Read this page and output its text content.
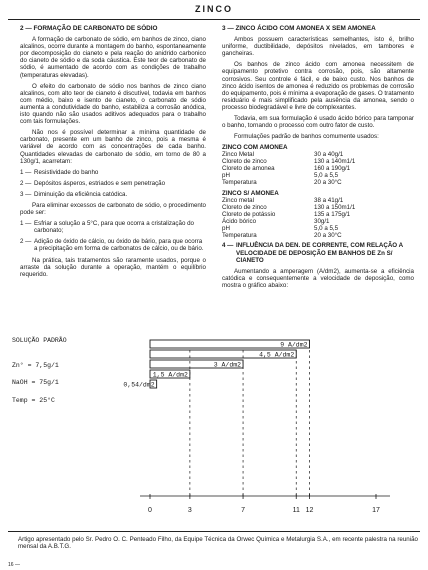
ZINCO
2 — FORMAÇÃO DE CARBONATO DE SÓDIO

A formação de carbonato de sódio, em banhos de zinco, ciano alcalinos, ocorre durante a montagem do banho, espontaneamente por decomposição do cianeto e pela reação do anidrido carbonico do cianeto de sódio e da soda cáustica. Este teor de carbonato de sódio, é aumentado de acordo com as condições de trabalho (temperaturas elevadas).

O efeito do carbonato de sódio nos banhos de zinco ciano alcalinos, com alto teor de cianeto é discutível, todavia em banhos com médio, baixo e isento de cianeto, o carbonato de sódio aumenta a condutividade do banho, estabiliza a corrosão anódica, isto quando não são usados aditivos adequados para o trabalho com tais formulações.

Não nos é possível determinar a mínima quantidade de carbonato, presente em um banho de zinco, pois a mesma é variável de acordo com as concentrações de cada banho. Quantidades elevadas de carbonato de sódio, em torno de 80 a 130g/1, acarretam:

1 — Resistividade do banho
2 — Depósitos ásperos, estriados e sem penetração
3 — Diminuição da eficiência catódica.

Para eliminar excessos de carbonato de sódio, o procedimento pode ser:

1 — Esfriar a solução a 5°C, para que ocorra a cristalização do carbonato;
2 — Adição de óxido de cálcio, ou óxido de bário, para que ocorra a precipitação em forma de carbonatos de cálcio, ou de bário.

Na prática, tais tratamentos são raramente usados, porque o arraste da solução durante a operação, mantém o equilíbrio requerido.

3 — ZINCO ÁCIDO COM AMONEA X SEM AMONEA

Ambos possuem características semelhantes, isto é, brilho uniforme, ductibilidade, depósitos nivelados, em tambores e gancheiras.

Os banhos de zinco ácido com amonea necessitem de equipamento protetivo contra corrosão, pois, são altamente corrosivos. Seu controle é fácil, e de baixo custo. Nos banhos de zinco ácido isentos de amonea é reduzido os problemas de corrosão do equipamento, pois é mínima a evaporação de gases. O tratamento residuário é mais simplificado pela ausência da amonea, sendo o processo biodegradável e livre de complexantes.

Todavia, em sua formulação é usado ácido bórico para tamponar o banho, tornando o processo com outro fator de custo.

Formulações padrão de banhos comumente usados:

ZINCO COM AMONEA
Zinco Metal	30 a 40g/1
Cloreto de zinco	130 a 140m1/1
Cloreto de amonea	160 a 190g/1
pH	5,0 a 5,5
Temperatura	20 a 30°C
ZINCO S/ AMONEA
Zinco metal	38 a 41g/1
Cloreto de zinco	130 a 150m1/1
Cloreto de potássio	135 a 175g/1
Ácido bórico	30g/1
pH	5,0 a 5,5
Temperatura	20 a 30°C
4 — INFLUÊNCIA DA DEN. DE CORRENTE, COM RELAÇÃO A VELOCIDADE DE DEPOSIÇÃO EM BANHOS DE Zn S/ CIANETO

Aumentando a amperagem (A/dm2), aumenta-se a eficiência catódica e consequentemente a velocidade de deposição, como mostra o gráfico abaixo:

SOLUÇÃO PADRÃO
Zn° = 7,5g/1
NaOH = 75g/1
Temp = 25°C
0	3	7	11 12	17
9 A/dm2
4,5 A/dm2
3 A/dm2
1,5 A/dm2
0,54/dm2
Artigo apresentado pelo Sr. Pedro O. C. Penteado Filho, da Equipe Técnica da Orwec Química e Metalurgia S.A., em recente palestra na reunião mensal da A.B.T.G.
16 —
